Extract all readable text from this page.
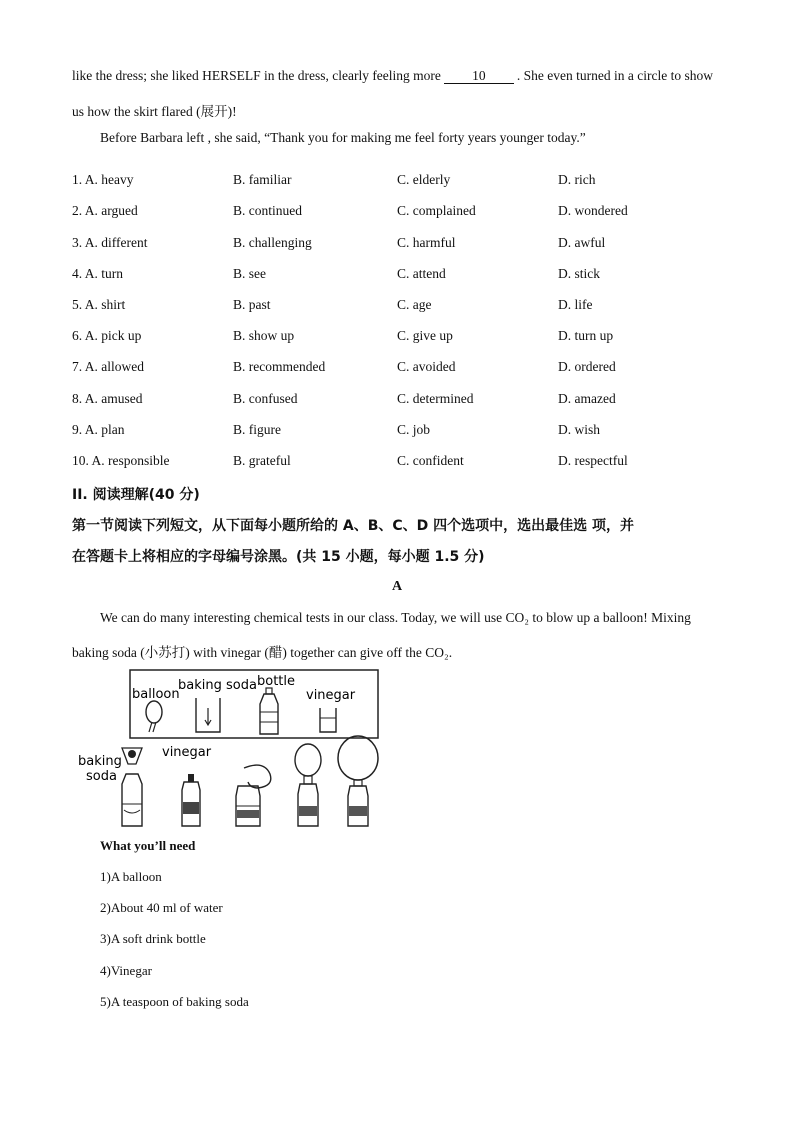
like the dress; she liked HERSELF in the dress, clearly feeling more 10 . She even turned in a circle to show
us how the skirt flared (展开)!
Before Barbara left , she said, “Thank you for making me feel forty years younger today.”
1. A. heavy	B. familiar	C. elderly	D. rich
2. A. argued	B. continued	C. complained	D. wondered
3. A. different	B. challenging	C. harmful	D. awful
4. A. turn	B. see	C. attend	D. stick
5. A. shirt	B. past	C. age	D. life
6. A. pick up	B. show up	C. give up	D. turn up
7. A. allowed	B. recommended	C. avoided	D. ordered
8. A. amused	B. confused	C. determined	D. amazed
9. A. plan	B. figure	C. job	D. wish
10. A. responsible	B. grateful	C. confident	D. respectful
II. 阅读理解(40 分)
第一节阅读下列短文，从下面每小题所给的 A、B、C、D 四个选项中，选出最佳选 项，并
在答题卡上将相应的字母编号涂黑。(共 15 小题，每小题 1.5 分)
A
We can do many interesting chemical tests in our class. Today, we will use CO₂ to blow up a balloon! Mixing
baking soda (小苏打) with vinegar (醋) together can give off the CO₂.
balloon
baking soda bottle
vinegar
baking
soda
vinegar
What you’ll need
1)A balloon
2)About 40 ml of water
3)A soft drink bottle
4)Vinegar
5)A teaspoon of baking soda
